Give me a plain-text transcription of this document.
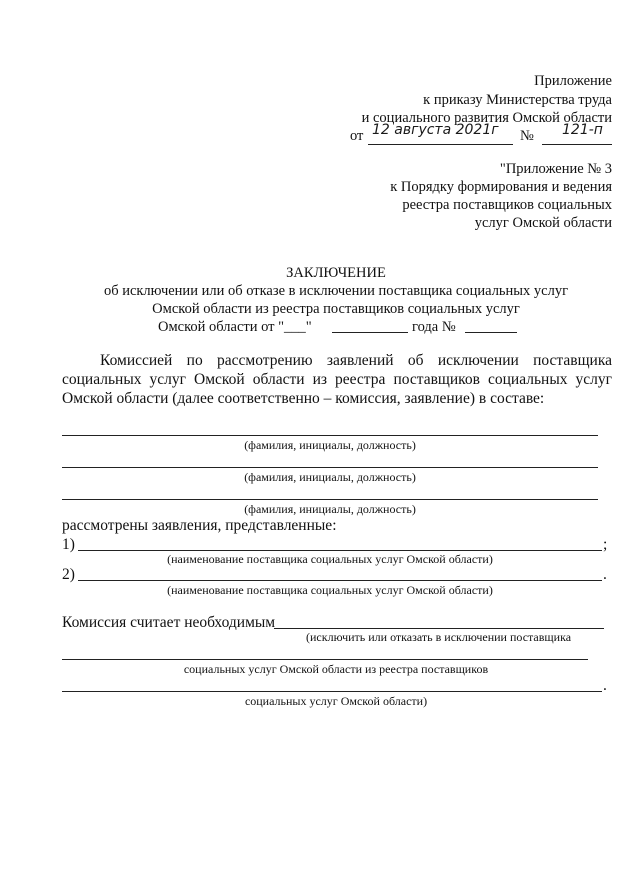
Приложение
к приказу Министерства труда
и социального развития Омской области
от 12 августа 2021г № 121-п
"Приложение № 3
к Порядку формирования и ведения
реестра поставщиков социальных
услуг Омской области
ЗАКЛЮЧЕНИЕ
об исключении или об отказе в исключении поставщика социальных услуг
Омской области из реестра поставщиков социальных услуг
Омской области от "___"	года №
Комиссией по рассмотрению заявлений об исключении поставщика
социальных услуг Омской области из реестра поставщиков социальных услуг
Омской области (далее соответственно – комиссия, заявление) в составе:
(фамилия, инициалы, должность)
(фамилия, инициалы, должность)
(фамилия, инициалы, должность)
рассмотрены заявления, представленные:
1)	;
(наименование поставщика социальных услуг Омской области)
2)	.
(наименование поставщика социальных услуг Омской области)
Комиссия считает необходимым
(исключить или отказать в исключении поставщика
социальных услуг Омской области из реестра поставщиков
.
социальных услуг Омской области)
